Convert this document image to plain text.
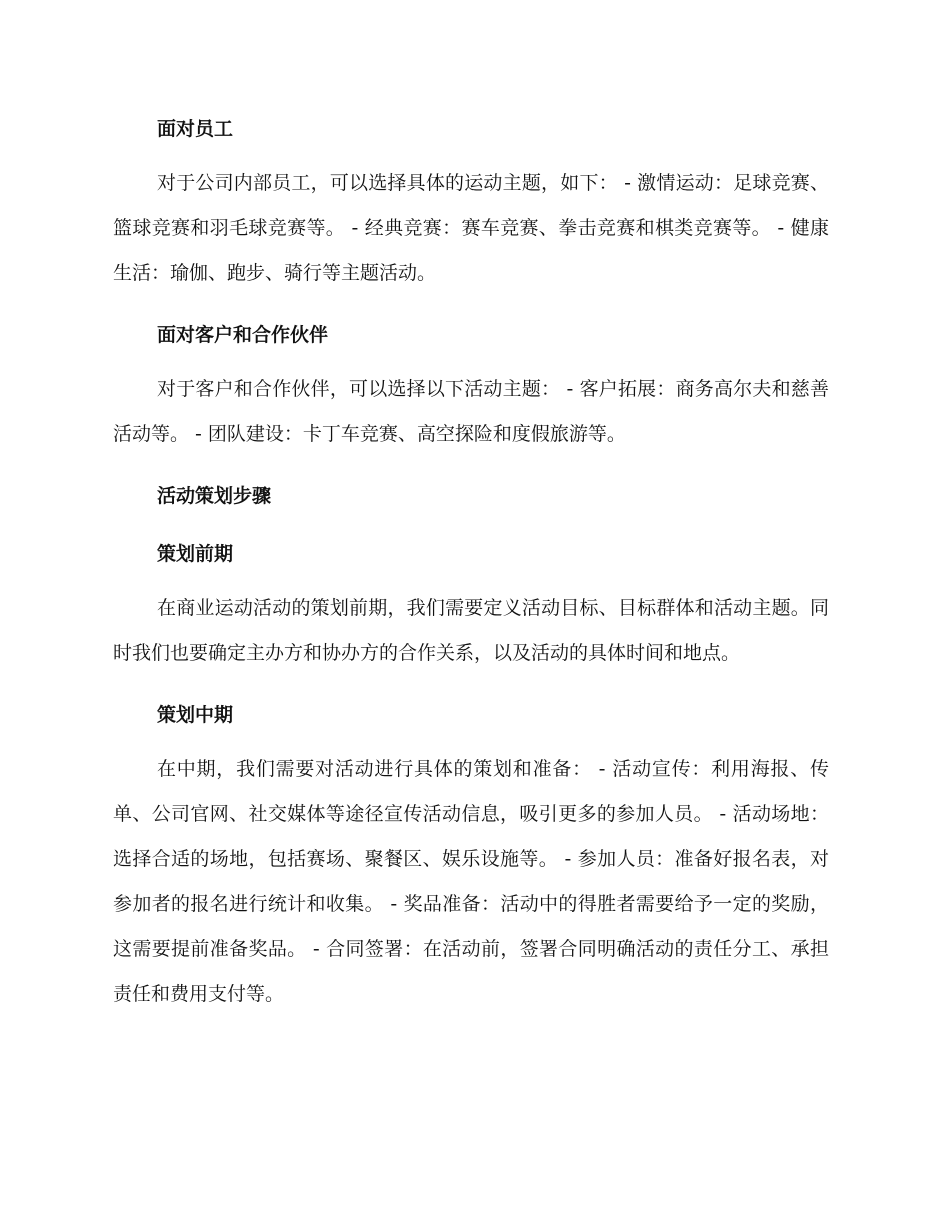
面对员工

对于公司内部员工，可以选择具体的运动主题，如下： - 激情运动：足球竞赛、篮球竞赛和羽毛球竞赛等。 - 经典竞赛：赛车竞赛、拳击竞赛和棋类竞赛等。 - 健康生活：瑜伽、跑步、骑行等主题活动。

面对客户和合作伙伴

对于客户和合作伙伴，可以选择以下活动主题： - 客户拓展：商务高尔夫和慈善活动等。 - 团队建设：卡丁车竞赛、高空探险和度假旅游等。

活动策划步骤
策划前期

在商业运动活动的策划前期，我们需要定义活动目标、目标群体和活动主题。同时我们也要确定主办方和协办方的合作关系，以及活动的具体时间和地点。

策划中期

在中期，我们需要对活动进行具体的策划和准备： - 活动宣传：利用海报、传单、公司官网、社交媒体等途径宣传活动信息，吸引更多的参加人员。 - 活动场地：选择合适的场地，包括赛场、聚餐区、娱乐设施等。 - 参加人员：准备好报名表，对参加者的报名进行统计和收集。 - 奖品准备：活动中的得胜者需要给予一定的奖励，这需要提前准备奖品。 - 合同签署：在活动前，签署合同明确活动的责任分工、承担责任和费用支付等。
